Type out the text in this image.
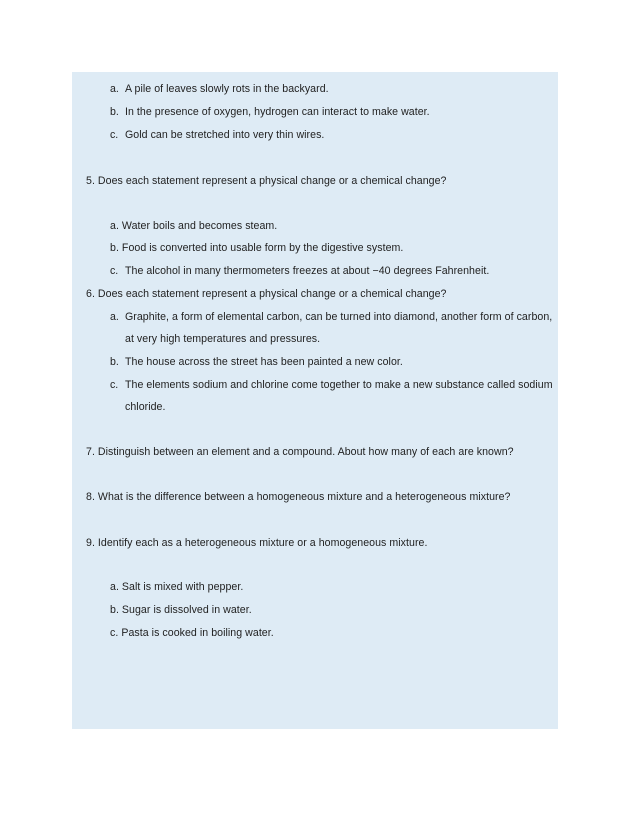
a. A pile of leaves slowly rots in the backyard.
b. In the presence of oxygen, hydrogen can interact to make water.
c. Gold can be stretched into very thin wires.
5. Does each statement represent a physical change or a chemical change?
a. Water boils and becomes steam.
b. Food is converted into usable form by the digestive system.
c. The alcohol in many thermometers freezes at about −40 degrees Fahrenheit.
6. Does each statement represent a physical change or a chemical change?
a. Graphite, a form of elemental carbon, can be turned into diamond, another form of carbon,
at very high temperatures and pressures.
b. The house across the street has been painted a new color.
c. The elements sodium and chlorine come together to make a new substance called sodium
chloride.
7. Distinguish between an element and a compound. About how many of each are known?
8. What is the difference between a homogeneous mixture and a heterogeneous mixture?
9. Identify each as a heterogeneous mixture or a homogeneous mixture.
a. Salt is mixed with pepper.
b. Sugar is dissolved in water.
c. Pasta is cooked in boiling water.
